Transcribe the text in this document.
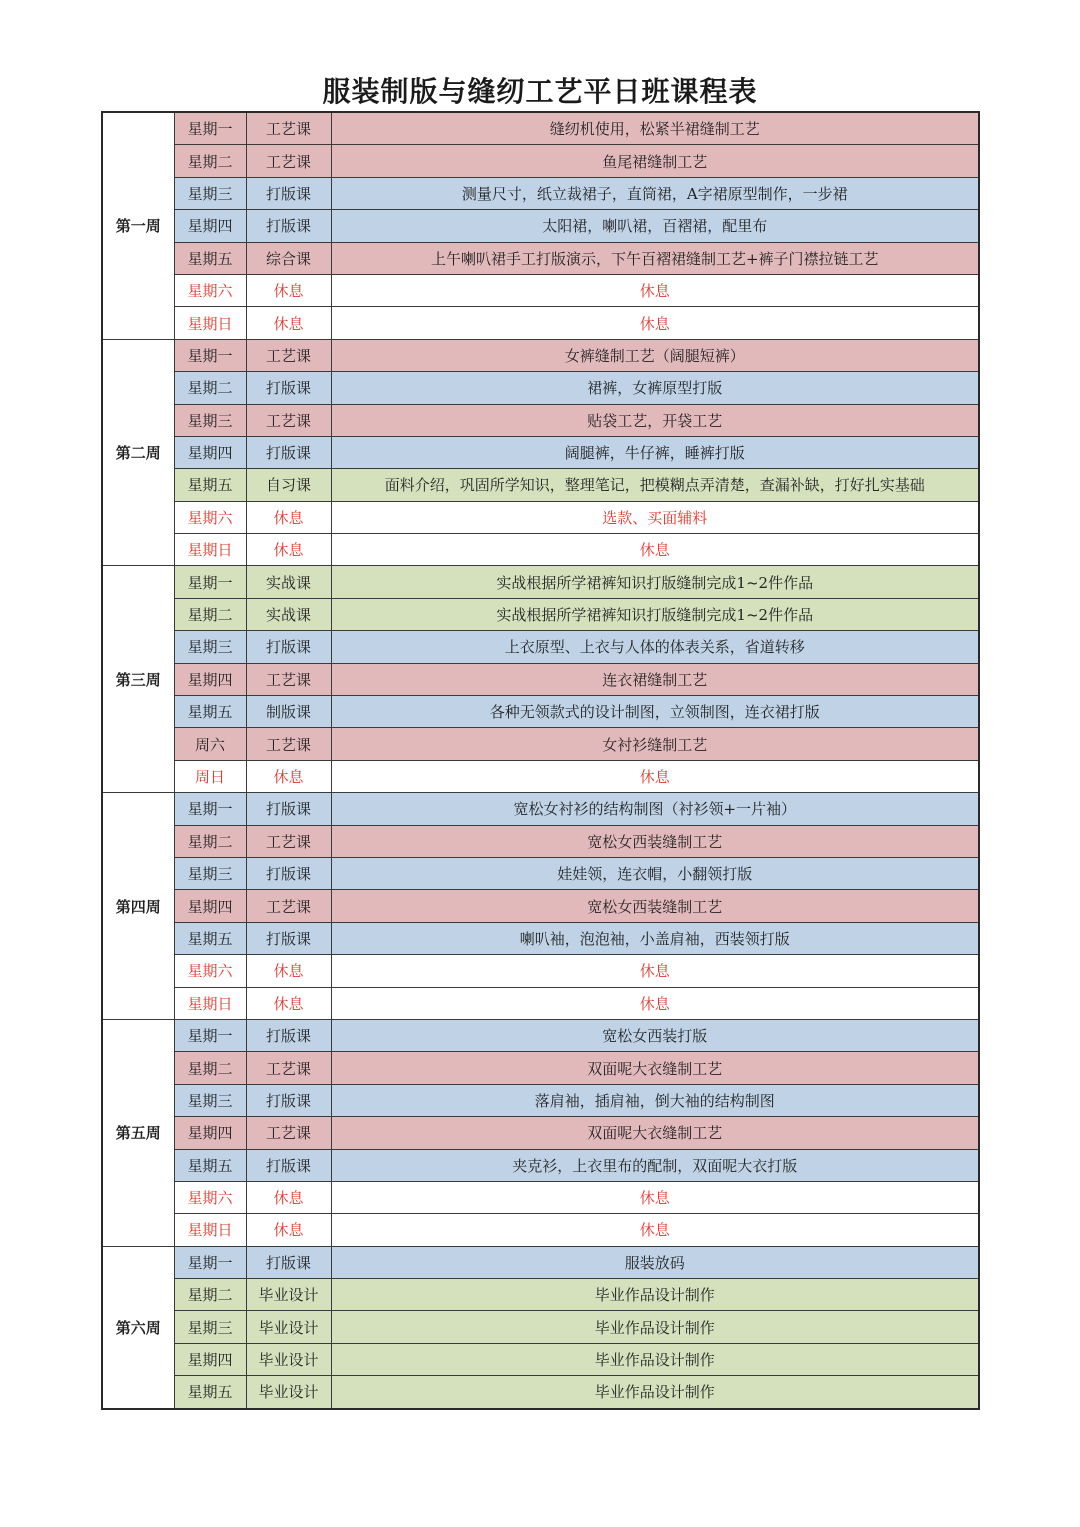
服装制版与缝纫工艺平日班课程表
第一周	星期一	工艺课	缝纫机使用，松紧半裙缝制工艺
	星期二	工艺课	鱼尾裙缝制工艺
	星期三	打版课	测量尺寸，纸立裁裙子，直筒裙，A字裙原型制作，一步裙
	星期四	打版课	太阳裙，喇叭裙，百褶裙，配里布
	星期五	综合课	上午喇叭裙手工打版演示，下午百褶裙缝制工艺+裤子门襟拉链工艺
	星期六	休息	休息
	星期日	休息	休息
第二周	星期一	工艺课	女裤缝制工艺（阔腿短裤）
	星期二	打版课	裙裤，女裤原型打版
	星期三	工艺课	贴袋工艺，开袋工艺
	星期四	打版课	阔腿裤，牛仔裤，睡裤打版
	星期五	自习课	面料介绍，巩固所学知识，整理笔记，把模糊点弄清楚，查漏补缺，打好扎实基础
	星期六	休息	选款、买面辅料
	星期日	休息	休息
第三周	星期一	实战课	实战根据所学裙裤知识打版缝制完成1~2件作品
	星期二	实战课	实战根据所学裙裤知识打版缝制完成1~2件作品
	星期三	打版课	上衣原型、上衣与人体的体表关系，省道转移
	星期四	工艺课	连衣裙缝制工艺
	星期五	制版课	各种无领款式的设计制图，立领制图，连衣裙打版
	周六	工艺课	女衬衫缝制工艺
	周日	休息	休息
第四周	星期一	打版课	宽松女衬衫的结构制图（衬衫领+一片袖）
	星期二	工艺课	宽松女西装缝制工艺
	星期三	打版课	娃娃领，连衣帽，小翻领打版
	星期四	工艺课	宽松女西装缝制工艺
	星期五	打版课	喇叭袖，泡泡袖，小盖肩袖，西装领打版
	星期六	休息	休息
	星期日	休息	休息
第五周	星期一	打版课	宽松女西装打版
	星期二	工艺课	双面呢大衣缝制工艺
	星期三	打版课	落肩袖，插肩袖，倒大袖的结构制图
	星期四	工艺课	双面呢大衣缝制工艺
	星期五	打版课	夹克衫，上衣里布的配制，双面呢大衣打版
	星期六	休息	休息
	星期日	休息	休息
第六周	星期一	打版课	服装放码
	星期二	毕业设计	毕业作品设计制作
	星期三	毕业设计	毕业作品设计制作
	星期四	毕业设计	毕业作品设计制作
	星期五	毕业设计	毕业作品设计制作
